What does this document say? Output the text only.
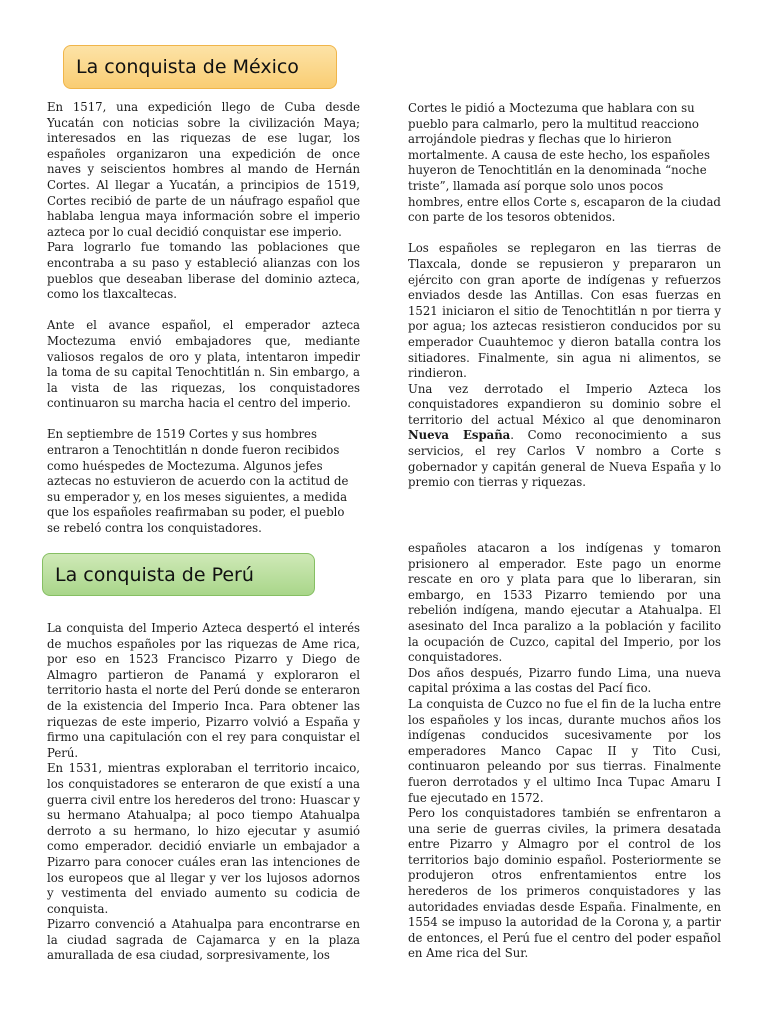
La conquista de México

En 1517, una expedición llego de Cuba desde Yucatán con noticias sobre la civilización Maya; interesados en las riquezas de ese lugar, los españoles organizaron una expedición de once naves y seiscientos hombres al mando de Hernán Cortes. Al llegar a Yucatán, a principios de 1519, Cortes recibió de parte de un náufrago español que hablaba lengua maya información sobre el imperio azteca por lo cual decidió conquistar ese imperio.

Para lograrlo fue tomando las poblaciones que encontraba a su paso y estableció alianzas con los pueblos que deseaban liberase del dominio azteca, como los tlaxcaltecas.

Ante el avance español, el emperador azteca Moctezuma envió embajadores que, mediante valiosos regalos de oro y plata, intentaron impedir la toma de su capital Tenochtitlán n. Sin embargo, a la vista de las riquezas, los conquistadores continuaron su marcha hacia el centro del imperio.

En septiembre de 1519 Cortes y sus hombres entraron a Tenochtitlán n donde fueron recibidos como huéspedes de Moctezuma. Algunos jefes aztecas no estuvieron de acuerdo con la actitud de su emperador y, en los meses siguientes, a medida que los españoles reafirmaban su poder, el pueblo se rebeló contra los conquistadores.

Cortes le pidió a Moctezuma que hablara con su pueblo para calmarlo, pero la multitud reacciono arrojándole piedras y flechas que lo hirieron mortalmente. A causa de este hecho, los españoles huyeron de Tenochtitlán en la denominada “noche triste”, llamada así porque solo unos pocos hombres, entre ellos Corte s, escaparon de la ciudad con parte de los tesoros obtenidos.

Los españoles se replegaron en las tierras de Tlaxcala, donde se repusieron y prepararon un ejército con gran aporte de indígenas y refuerzos enviados desde las Antillas. Con esas fuerzas en 1521 iniciaron el sitio de Tenochtitlán n por tierra y por agua; los aztecas resistieron conducidos por su emperador Cuauhtemoc y dieron batalla contra los sitiadores. Finalmente, sin agua ni alimentos, se rindieron.

Una vez derrotado el Imperio Azteca los conquistadores expandieron su dominio sobre el territorio del actual México al que denominaron Nueva España. Como reconocimiento a sus servicios, el rey Carlos V nombro a Corte s gobernador y capitán general de Nueva España y lo premio con tierras y riquezas.

La conquista de Perú

La conquista del Imperio Azteca despertó el interés de muchos españoles por las riquezas de Ame rica, por eso en 1523 Francisco Pizarro y Diego de Almagro partieron de Panamá y exploraron el territorio hasta el norte del Perú donde se enteraron de la existencia del Imperio Inca. Para obtener las riquezas de este imperio, Pizarro volvió a España y firmo una capitulación con el rey para conquistar el Perú.

En 1531, mientras exploraban el territorio incaico, los conquistadores se enteraron de que existí a una guerra civil entre los herederos del trono: Huascar y su hermano Atahualpa; al poco tiempo Atahualpa derroto a su hermano, lo hizo ejecutar y asumió como emperador. decidió enviarle un embajador a Pizarro para conocer cuáles eran las intenciones de los europeos que al llegar y ver los lujosos adornos y vestimenta del enviado aumento su codicia de conquista.

Pizarro convenció a Atahualpa para encontrarse en la ciudad sagrada de Cajamarca y en la plaza amurallada de esa ciudad, sorpresivamente, los

españoles atacaron a los indígenas y tomaron prisionero al emperador. Este pago un enorme rescate en oro y plata para que lo liberaran, sin embargo, en 1533 Pizarro temiendo por una rebelión indígena, mando ejecutar a Atahualpa. El asesinato del Inca paralizo a la población y facilito la ocupación de Cuzco, capital del Imperio, por los conquistadores.

Dos años después, Pizarro fundo Lima, una nueva capital próxima a las costas del Pací fico.

La conquista de Cuzco no fue el fin de la lucha entre los españoles y los incas, durante muchos años los indígenas conducidos sucesivamente por los emperadores Manco Capac II y Tito Cusi, continuaron peleando por sus tierras. Finalmente fueron derrotados y el ultimo Inca Tupac Amaru I fue ejecutado en 1572.

Pero los conquistadores también se enfrentaron a una serie de guerras civiles, la primera desatada entre Pizarro y Almagro por el control de los territorios bajo dominio español. Posteriormente se produjeron otros enfrentamientos entre los herederos de los primeros conquistadores y las autoridades enviadas desde España. Finalmente, en 1554 se impuso la autoridad de la Corona y, a partir de entonces, el Perú fue el centro del poder español en Ame rica del Sur.
